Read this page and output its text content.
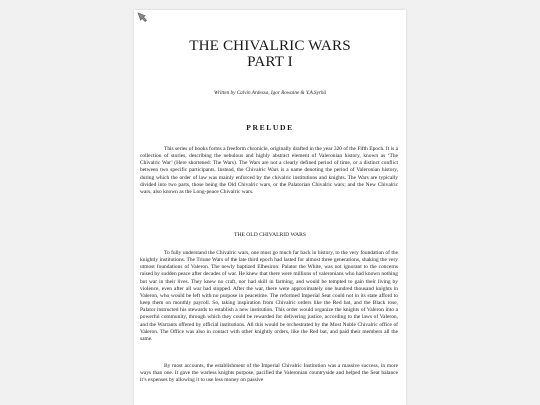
THE CHIVALRIC WARS
PART I
Written by Calvin Ardessa, Igor Rowaine & Y.A.Syrhä
PRELUDE

This series of books forms a freeform chronicle, originally drafted in the year 320 of the Fifth Epoch. It is a collection of stories, describing the nebulous and highly abstract element of Valeronian history, known as ‘The Chivalric War’ (Here shortened: The Wars). The Wars are not a clearly defined period of time, or a distinct conflict between two specific participants. Instead, the Chivalric Wars is a name denoting the period of Valeronian history, during which the order of law was mainly enforced by the chivalric institutions and knights. The Wars are typically divided into two parts, those being the Old Chivalric wars, or the Palatorian Chivalric wars; and the New Chivalric wars, also known as the Long-peace Chivalric wars.

THE OLD CHIVALRID WARS

To fully understand the Chivalric wars, one must go much far back in history, to the very foundation of the knightly institutions. The Triune Wars of the late third epoch had lasted for almost three generations, shaking the very utmost foundations of Valeron. The newly baptized Elhesiron: Palator the White, was not ignorant to the concerns raised by sudden peace after decades of war. He knew that there were millions of valeronians who had known nothing but war in their lives. They knew no craft, nor had skill in farming, and would be tempted to gain their living by violence, even after all war had stopped. After the war, there were approximately one hundred thousand knights in Valeron, who would be left with no purpose in peacetime. The reformed Imperial Seat could not in its state afford to keep them on monthly payroll. So, taking inspiration from Chivalric orders like the Red bat, and the Black rose, Palator instructed his stewards to establish a new institution. This order would organize the knights of Valeron into a powerful community, through which they could be rewarded for delivering justice, according to the laws of Valeron, and the Warrants offered by official institutions. All this would be orchestrated by the Most Noble Chivalric office of Valeron. The Office was also in contact with other knightly orders, like the Red bat, and paid their members all the same.

By most accounts, the establishment of the Imperial Chivalric Institution was a massive success, in more ways than one. It gave the warless knights purpose, pacified the Valeronian countryside and helped the Seat balance it’s expenses by allowing it to use less money on passive
